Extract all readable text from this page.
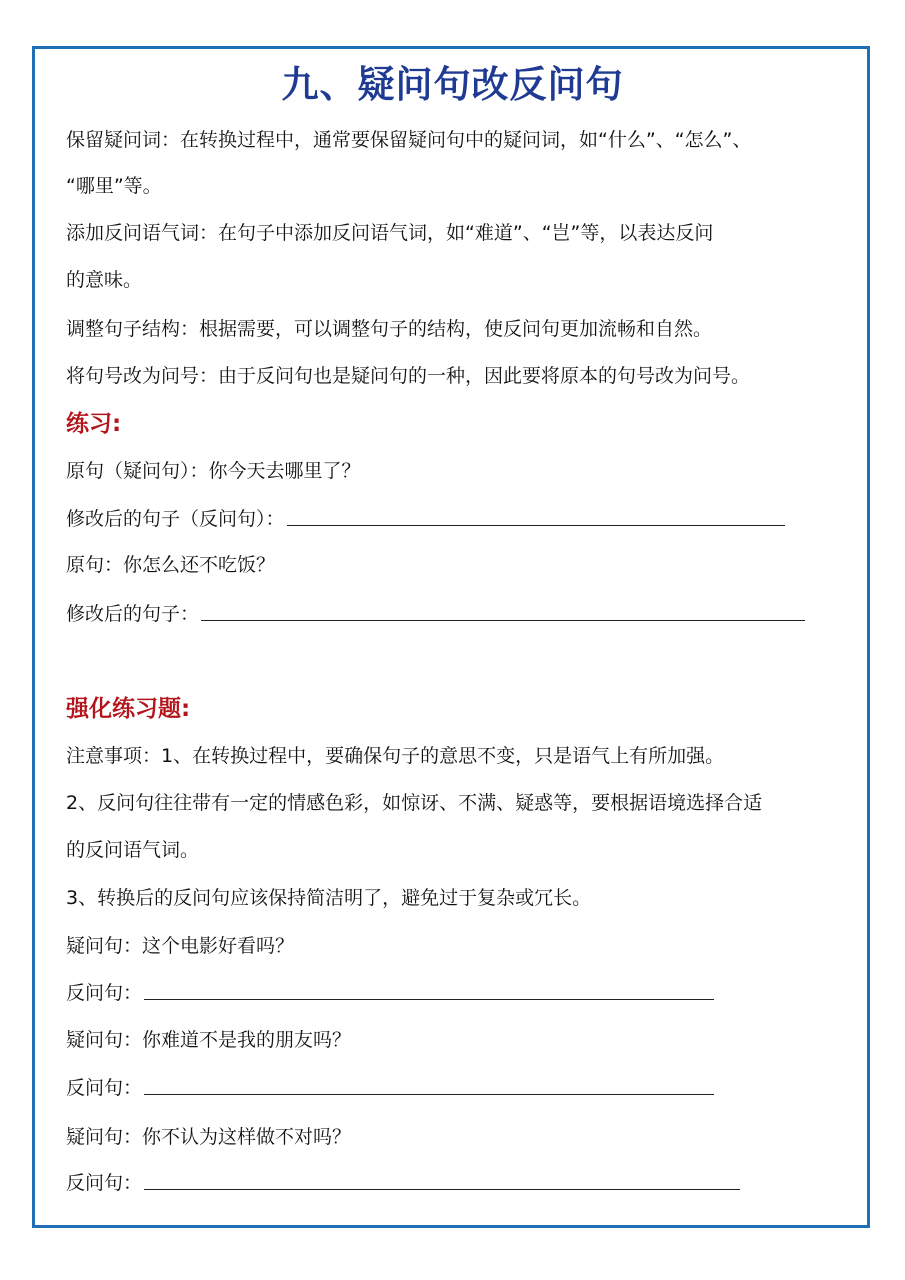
九、疑问句改反问句
保留疑问词：在转换过程中，通常要保留疑问句中的疑问词，如“什么”、“怎么”、
“哪里”等。
添加反问语气词：在句子中添加反问语气词，如“难道”、“岂”等，以表达反问
的意味。
调整句子结构：根据需要，可以调整句子的结构，使反问句更加流畅和自然。
将句号改为问号：由于反问句也是疑问句的一种，因此要将原本的句号改为问号。
练习:
原句（疑问句）：你今天去哪里了？
修改后的句子（反问句）：
原句：你怎么还不吃饭？
修改后的句子：
强化练习题:
注意事项：1、在转换过程中，要确保句子的意思不变，只是语气上有所加强。
2、反问句往往带有一定的情感色彩，如惊讶、不满、疑惑等，要根据语境选择合适
的反问语气词。
3、转换后的反问句应该保持简洁明了，避免过于复杂或冗长。
疑问句：这个电影好看吗？
反问句：
疑问句：你难道不是我的朋友吗？
反问句：
疑问句：你不认为这样做不对吗？
反问句：
